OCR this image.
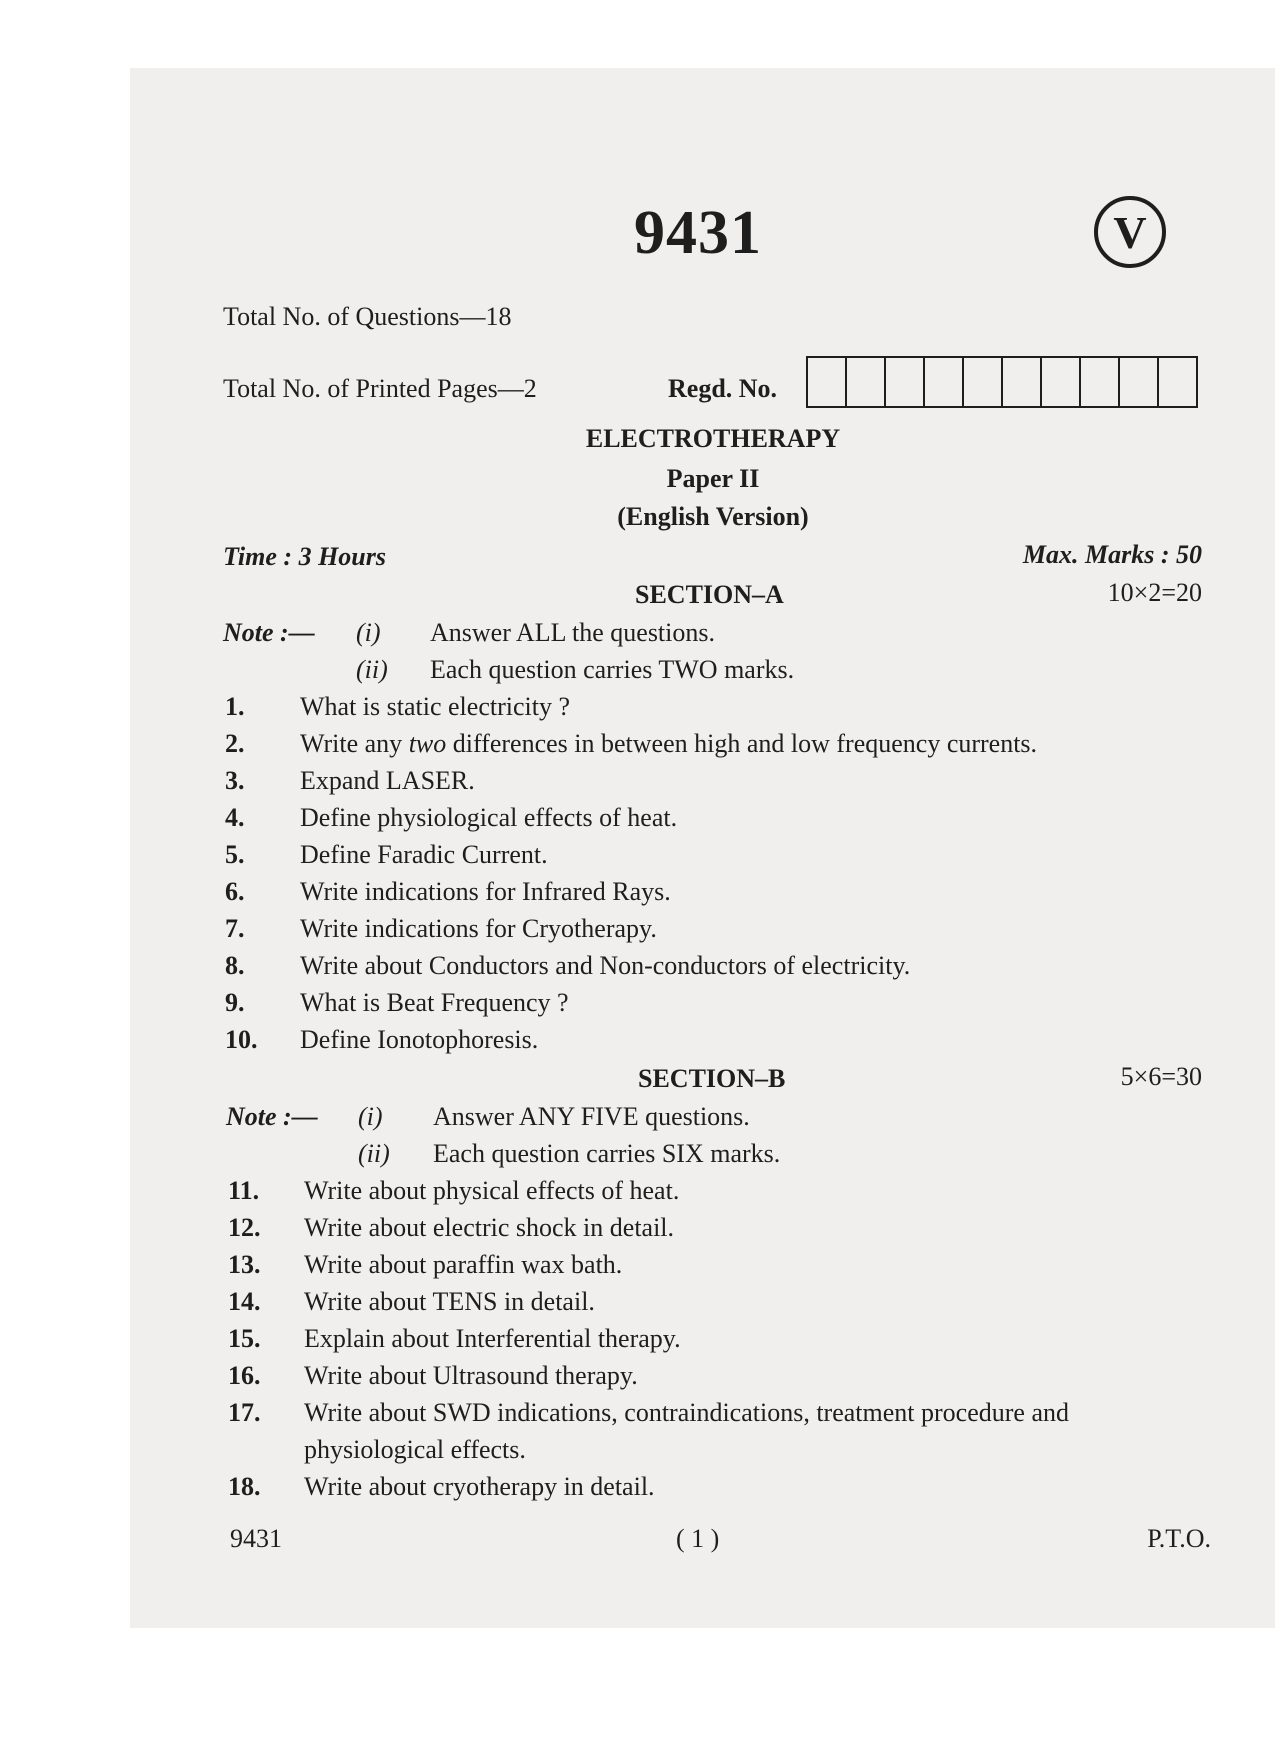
9431	V
Total No. of Questions—18
Total No. of Printed Pages—2	Regd. No.
ELECTROTHERAPY
Paper II
(English Version)
Time : 3 Hours	Max. Marks : 50
SECTION–A	10×2=20
Note :— (i) Answer ALL the questions.
(ii) Each question carries TWO marks.
1. What is static electricity ?
2. Write any two differences in between high and low frequency currents.
3. Expand LASER.
4. Define physiological effects of heat.
5. Define Faradic Current.
6. Write indications for Infrared Rays.
7. Write indications for Cryotherapy.
8. Write about Conductors and Non-conductors of electricity.
9. What is Beat Frequency ?
10. Define Ionotophoresis.
SECTION–B	5×6=30
Note :— (i) Answer ANY FIVE questions.
(ii) Each question carries SIX marks.
11. Write about physical effects of heat.
12. Write about electric shock in detail.
13. Write about paraffin wax bath.
14. Write about TENS in detail.
15. Explain about Interferential therapy.
16. Write about Ultrasound therapy.
17. Write about SWD indications, contraindications, treatment procedure and
physiological effects.
18. Write about cryotherapy in detail.
9431	( 1 )	P.T.O.
